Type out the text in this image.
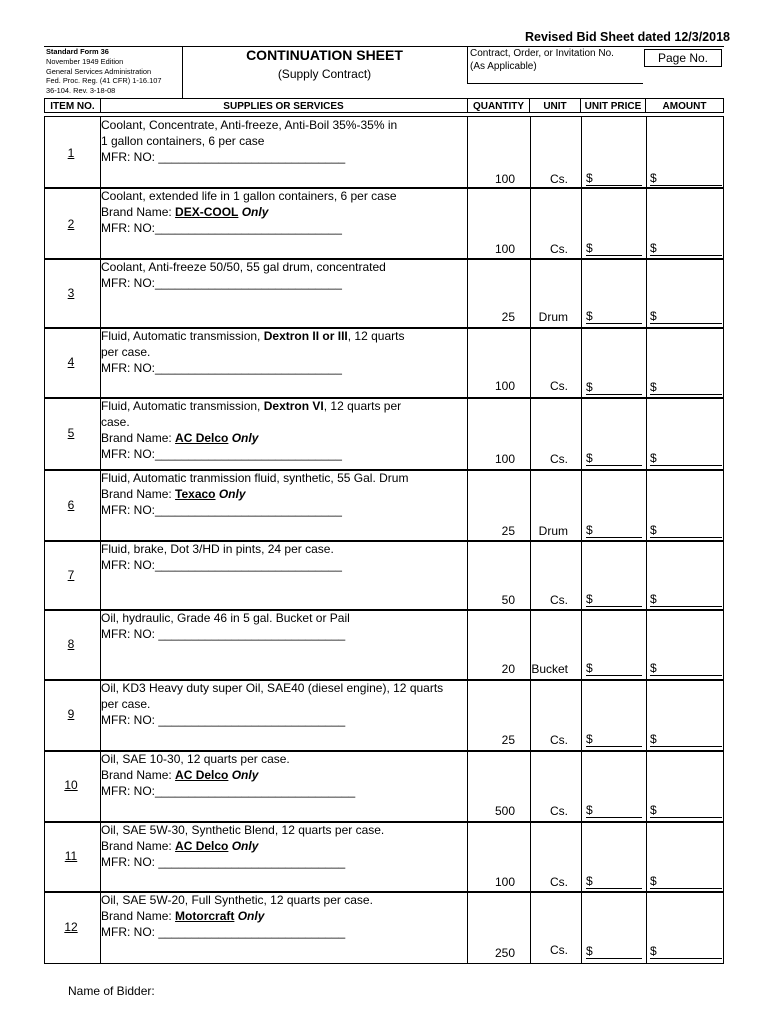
Revised Bid Sheet dated 12/3/2018
Standard Form 36
November 1949 Edition
General Services Administration
Fed. Proc. Reg. (41 CFR) 1-16.107
36-104. Rev. 3-18-08
CONTINUATION SHEET
(Supply Contract)
Contract, Order, or Invitation No.
(As Applicable)
Page No.
ITEM NO.	SUPPLIES OR SERVICES	QUANTITY	UNIT	UNIT PRICE	AMOUNT
1
Coolant, Concentrate, Anti-freeze, Anti-Boil 35%-35% in
1 gallon containers, 6 per case
MFR: NO: ____________________________
100	Cs. $	$
2
Coolant, extended life in 1 gallon containers, 6 per case
Brand Name: DEX-COOL Only
MFR: NO:____________________________
100	Cs. $	$
3
Coolant, Anti-freeze 50/50, 55 gal drum, concentrated
MFR: NO:____________________________
25	Drum $	$
4
Fluid, Automatic transmission, Dextron II or III, 12 quarts
per case.
MFR: NO:____________________________
100	Cs. $	$
5
Fluid, Automatic transmission, Dextron VI, 12 quarts per
case.
Brand Name: AC Delco Only
MFR: NO:____________________________	100	Cs. $	$
6
Fluid, Automatic tranmission fluid, synthetic, 55 Gal. Drum
Brand Name: Texaco Only
MFR: NO:____________________________
25	Drum $	$
7
Fluid, brake, Dot 3/HD in pints, 24 per case.
MFR: NO:____________________________
50	Cs. $	$
8
Oil, hydraulic, Grade 46 in 5 gal. Bucket or Pail
MFR: NO: ____________________________
20	Bucket $	$
9
Oil, KD3 Heavy duty super Oil, SAE40 (diesel engine), 12 quarts
per case.
MFR: NO: ____________________________
25	Cs. $	$
10
Oil, SAE 10-30, 12 quarts per case.
Brand Name: AC Delco Only
MFR: NO:______________________________
500	Cs. $	$
11
Oil, SAE 5W-30, Synthetic Blend, 12 quarts per case.
Brand Name: AC Delco Only
MFR: NO: ____________________________
100	Cs. $	$
12
Oil, SAE 5W-20, Full Synthetic, 12 quarts per case.
Brand Name: Motorcraft Only
MFR: NO: ____________________________
250	Cs. $	$
Name of Bidder:
